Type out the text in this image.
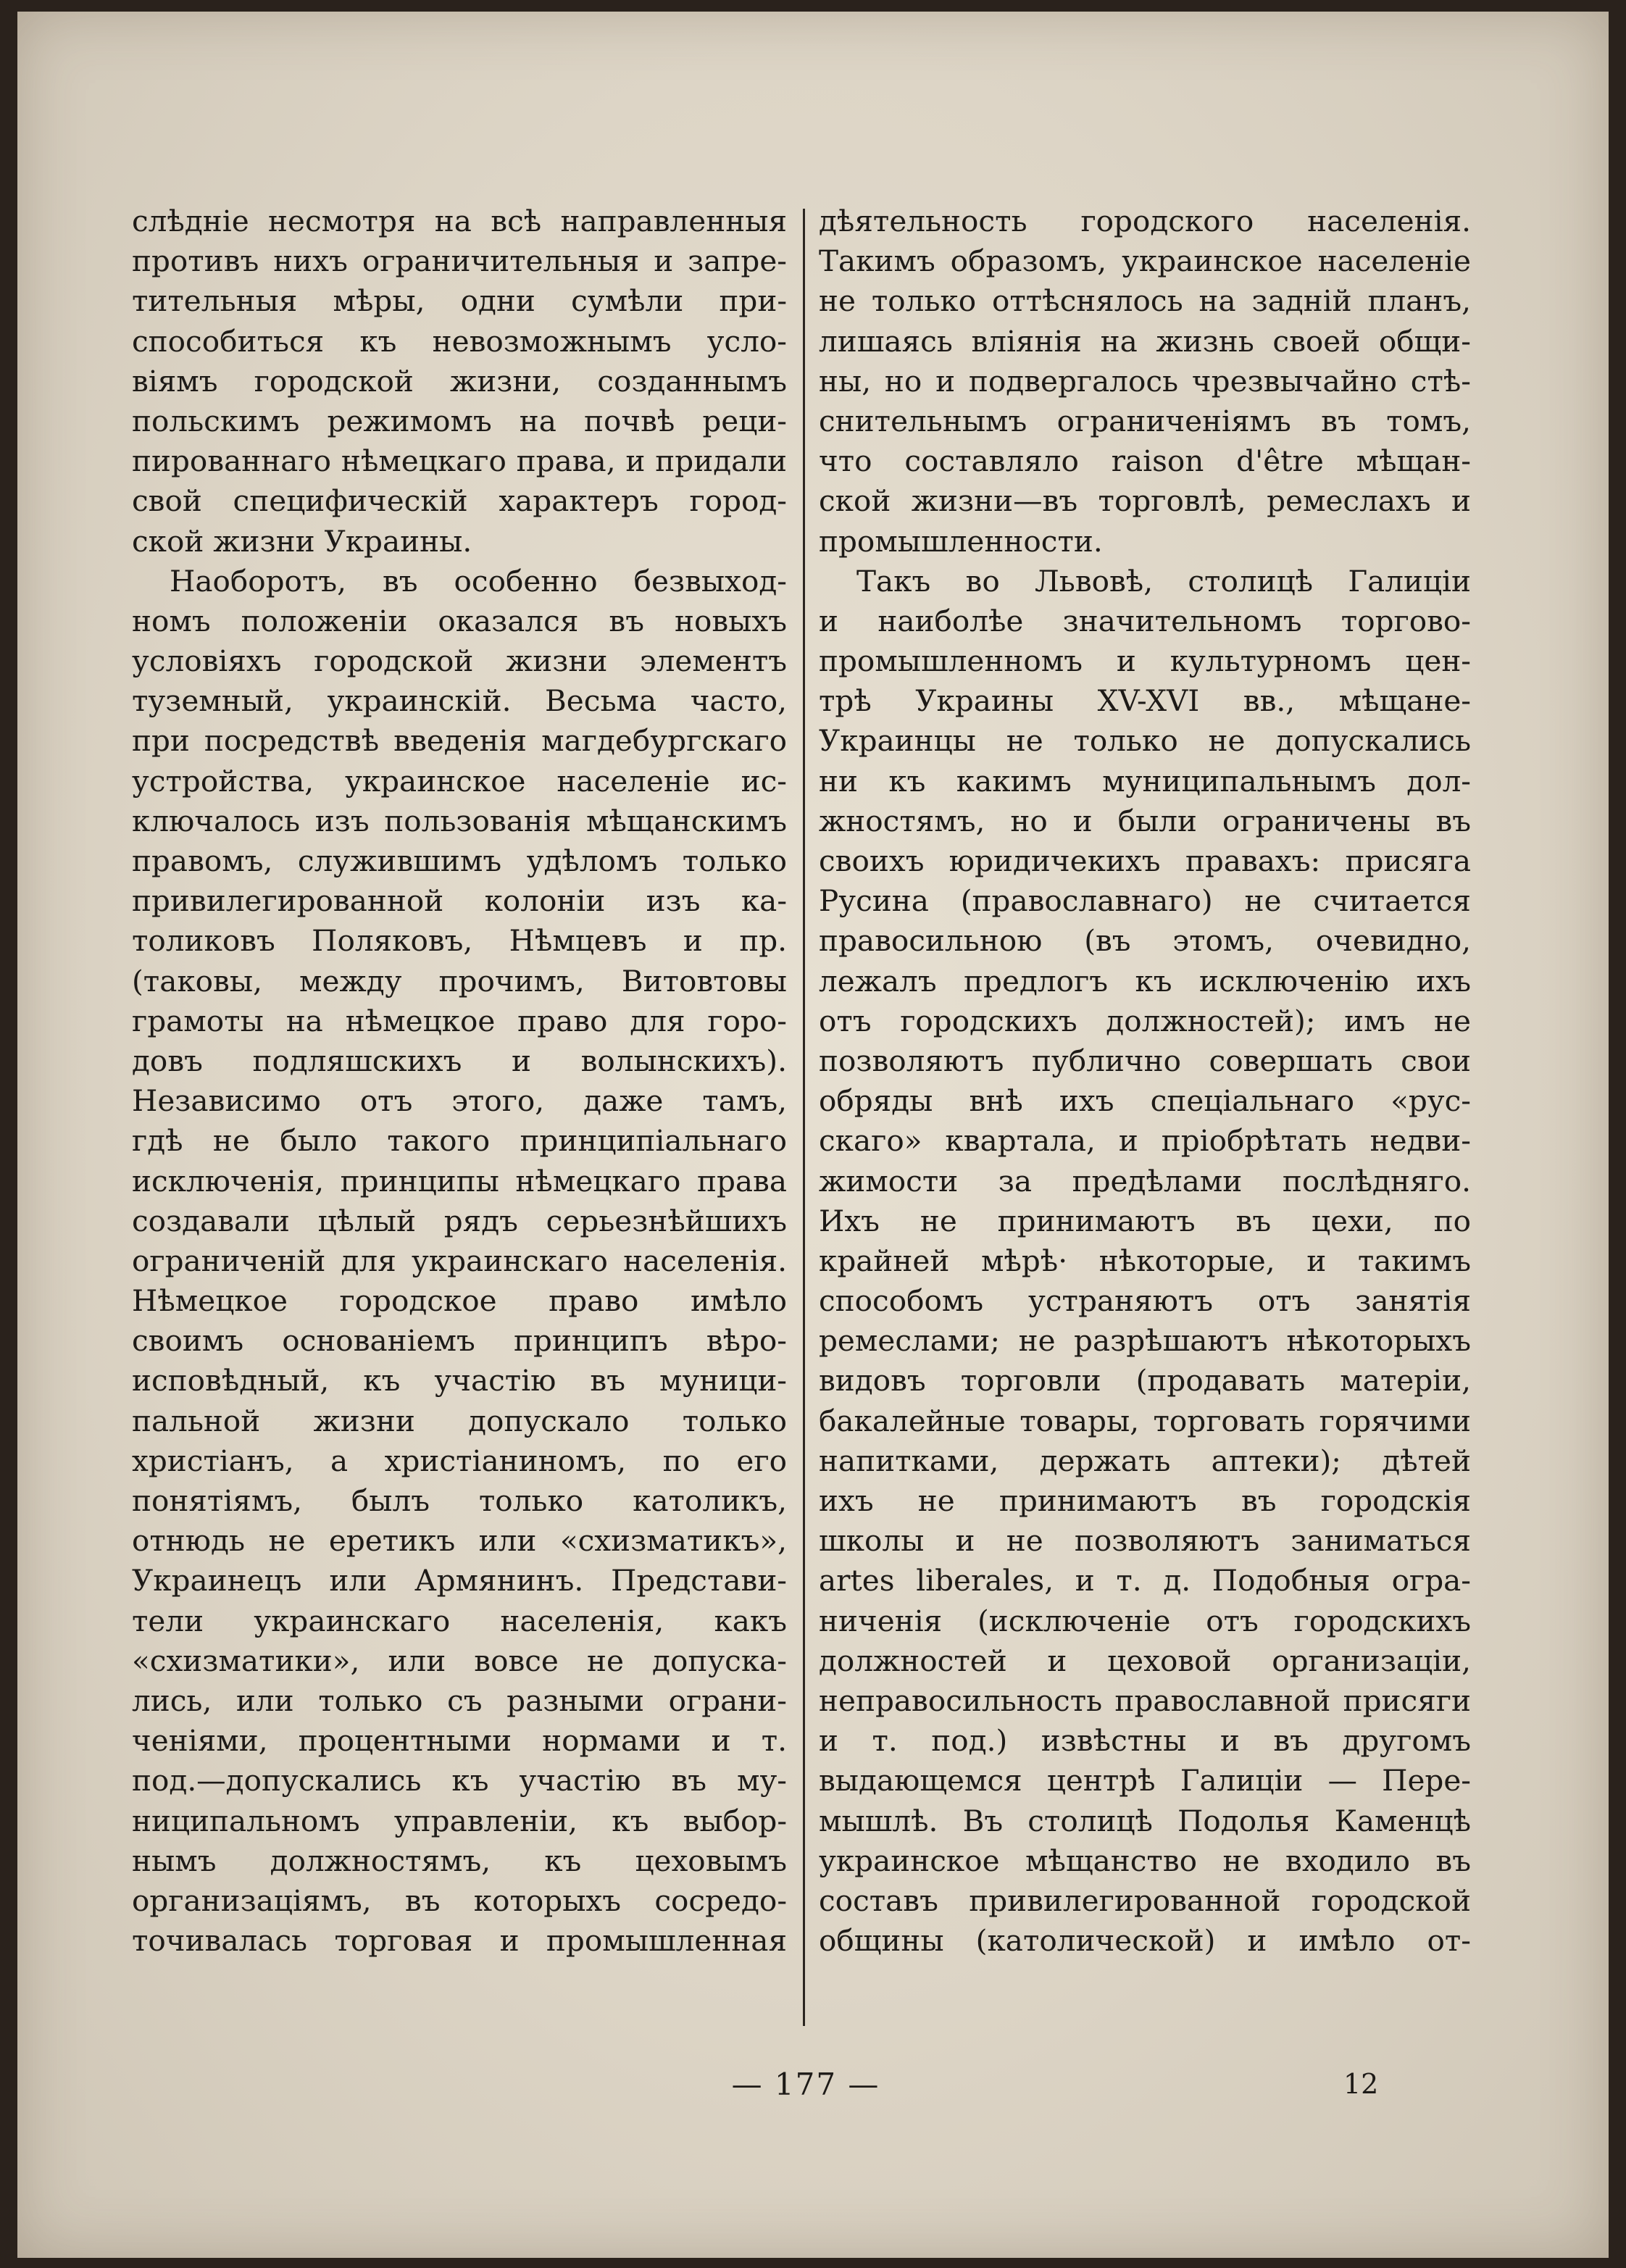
слѣдніе несмотря на всѣ направленныя
противъ нихъ ограничительныя и запре-
тительныя мѣры, одни сумѣли при-
способиться къ невозможнымъ усло-
віямъ городской жизни, созданнымъ
польскимъ режимомъ на почвѣ реци-
пированнаго нѣмецкаго права, и придали
свой специфическій характеръ город-
ской жизни Украины.
Наоборотъ, въ особенно безвыход-
номъ положеніи оказался въ новыхъ
условіяхъ городской жизни элементъ
туземный, украинскій. Весьма часто,
при посредствѣ введенія магдебургскаго
устройства, украинское населеніе ис-
ключалось изъ пользованія мѣщанскимъ
правомъ, служившимъ удѣломъ только
привилегированной колоніи изъ ка-
толиковъ Поляковъ, Нѣмцевъ и пр.
(таковы, между прочимъ, Витовтовы
грамоты на нѣмецкое право для горо-
довъ подляшскихъ и волынскихъ).
Независимо отъ этого, даже тамъ,
гдѣ не было такого принципіальнаго
исключенія, принципы нѣмецкаго права
создавали цѣлый рядъ серьезнѣйшихъ
ограниченій для украинскаго населенія.
Нѣмецкое городское право имѣло
своимъ основаніемъ принципъ вѣро-
исповѣдный, къ участію въ муници-
пальной жизни допускало только
христіанъ, а христіаниномъ, по его
понятіямъ, былъ только католикъ,
отнюдь не еретикъ или «схизматикъ»,
Украинецъ или Армянинъ. Представи-
тели украинскаго населенія, какъ
«схизматики», или вовсе не допуска-
лись, или только съ разными ограни-
ченіями, процентными нормами и т.
под.—допускались къ участію въ му-
ниципальномъ управленіи, къ выбор-
нымъ должностямъ, къ цеховымъ
организаціямъ, въ которыхъ сосредо-
точивалась торговая и промышленная
дѣятельность городского населенія.
Такимъ образомъ, украинское населеніе
не только оттѣснялось на задній планъ,
лишаясь вліянія на жизнь своей общи-
ны, но и подвергалось чрезвычайно стѣ-
снительнымъ ограниченіямъ въ томъ,
что составляло raison d'être мѣщан-
ской жизни—въ торговлѣ, ремеслахъ и
промышленности.
Такъ во Львовѣ, столицѣ Галиціи
и наиболѣе значительномъ торгово-
промышленномъ и культурномъ цен-
трѣ Украины XV-XVI вв., мѣщане-
Украинцы не только не допускались
ни къ какимъ муниципальнымъ дол-
жностямъ, но и были ограничены въ
своихъ юридичекихъ правахъ: присяга
Русина (православнаго) не считается
правосильною (въ этомъ, очевидно,
лежалъ предлогъ къ исключенію ихъ
отъ городскихъ должностей); имъ не
позволяютъ публично совершать свои
обряды внѣ ихъ спеціальнаго «рус-
скаго» квартала, и пріобрѣтать недви-
жимости за предѣлами послѣдняго.
Ихъ не принимаютъ въ цехи, по
крайней мѣрѣ· нѣкоторые, и такимъ
способомъ устраняютъ отъ занятія
ремеслами; не разрѣшаютъ нѣкоторыхъ
видовъ торговли (продавать матеріи,
бакалейные товары, торговать горячими
напитками, держать аптеки); дѣтей
ихъ не принимаютъ въ городскія
школы и не позволяютъ заниматься
artes liberales, и т. д. Подобныя огра-
ниченія (исключеніе отъ городскихъ
должностей и цеховой организаціи,
неправосильность православной присяги
и т. под.) извѣстны и въ другомъ
выдающемся центрѣ Галиціи — Пере-
мышлѣ. Въ столицѣ Подолья Каменцѣ
украинское мѣщанство не входило въ
составъ привилегированной городской
общины (католической) и имѣло от-
— 177 —	12
